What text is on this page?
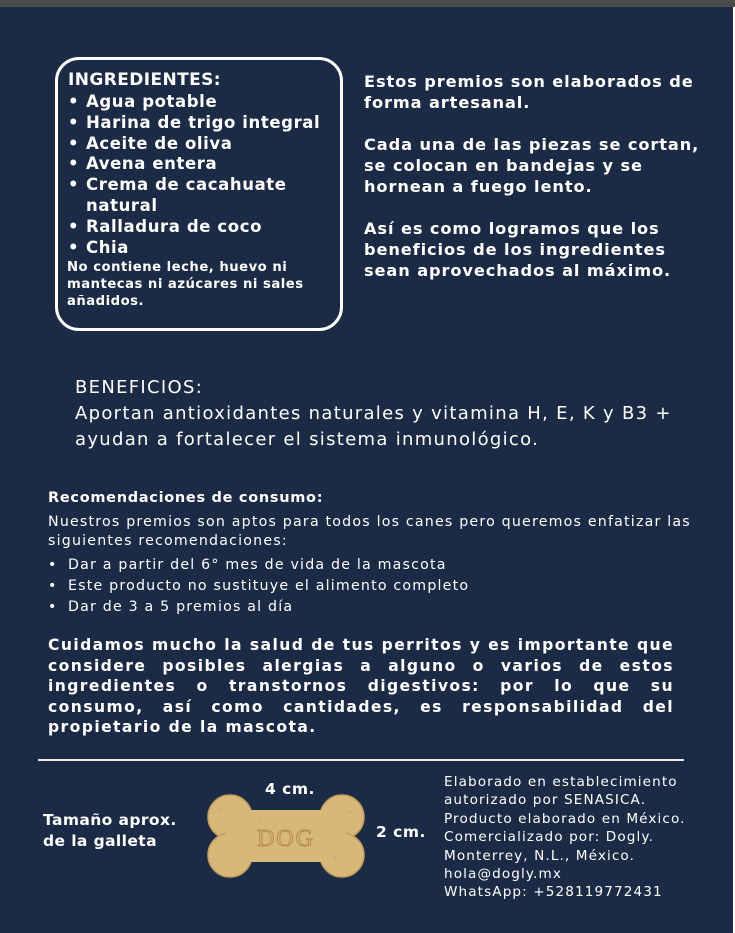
INGREDIENTES:
• Agua potable
• Harina de trigo integral
• Aceite de oliva
• Avena entera
• Crema de cacahuate natural
• Ralladura de coco
• Chia
No contiene leche, huevo ni mantecas ni azúcares ni sales añadidos.

Estos premios son elaborados de forma artesanal.

Cada una de las piezas se cortan, se colocan en bandejas y se hornean a fuego lento.

Así es como logramos que los beneficios de los ingredientes sean aprovechados al máximo.

BENEFICIOS:
Aportan antioxidantes naturales y vitamina H, E, K y B3 + ayudan a fortalecer el sistema inmunológico.
Recomendaciones de consumo:
Nuestros premios son aptos para todos los canes pero queremos enfatizar las siguientes recomendaciones:
• Dar a partir del 6° mes de vida de la mascota
• Este producto no sustituye el alimento completo
• Dar de 3 a 5 premios al día
Cuidamos mucho la salud de tus perritos y es importante que considere posibles alergias a alguno o varios de estos ingredientes o transtornos digestivos: por lo que su consumo, así como cantidades, es responsabilidad del propietario de la mascota.
Tamaño aprox.
de la galleta
4 cm.
2 cm.
DOG
Elaborado en establecimiento
autorizado por SENASICA.
Producto elaborado en México.
Comercializado por: Dogly.
Monterrey, N.L., México.
hola@dogly.mx
WhatsApp: +528119772431
